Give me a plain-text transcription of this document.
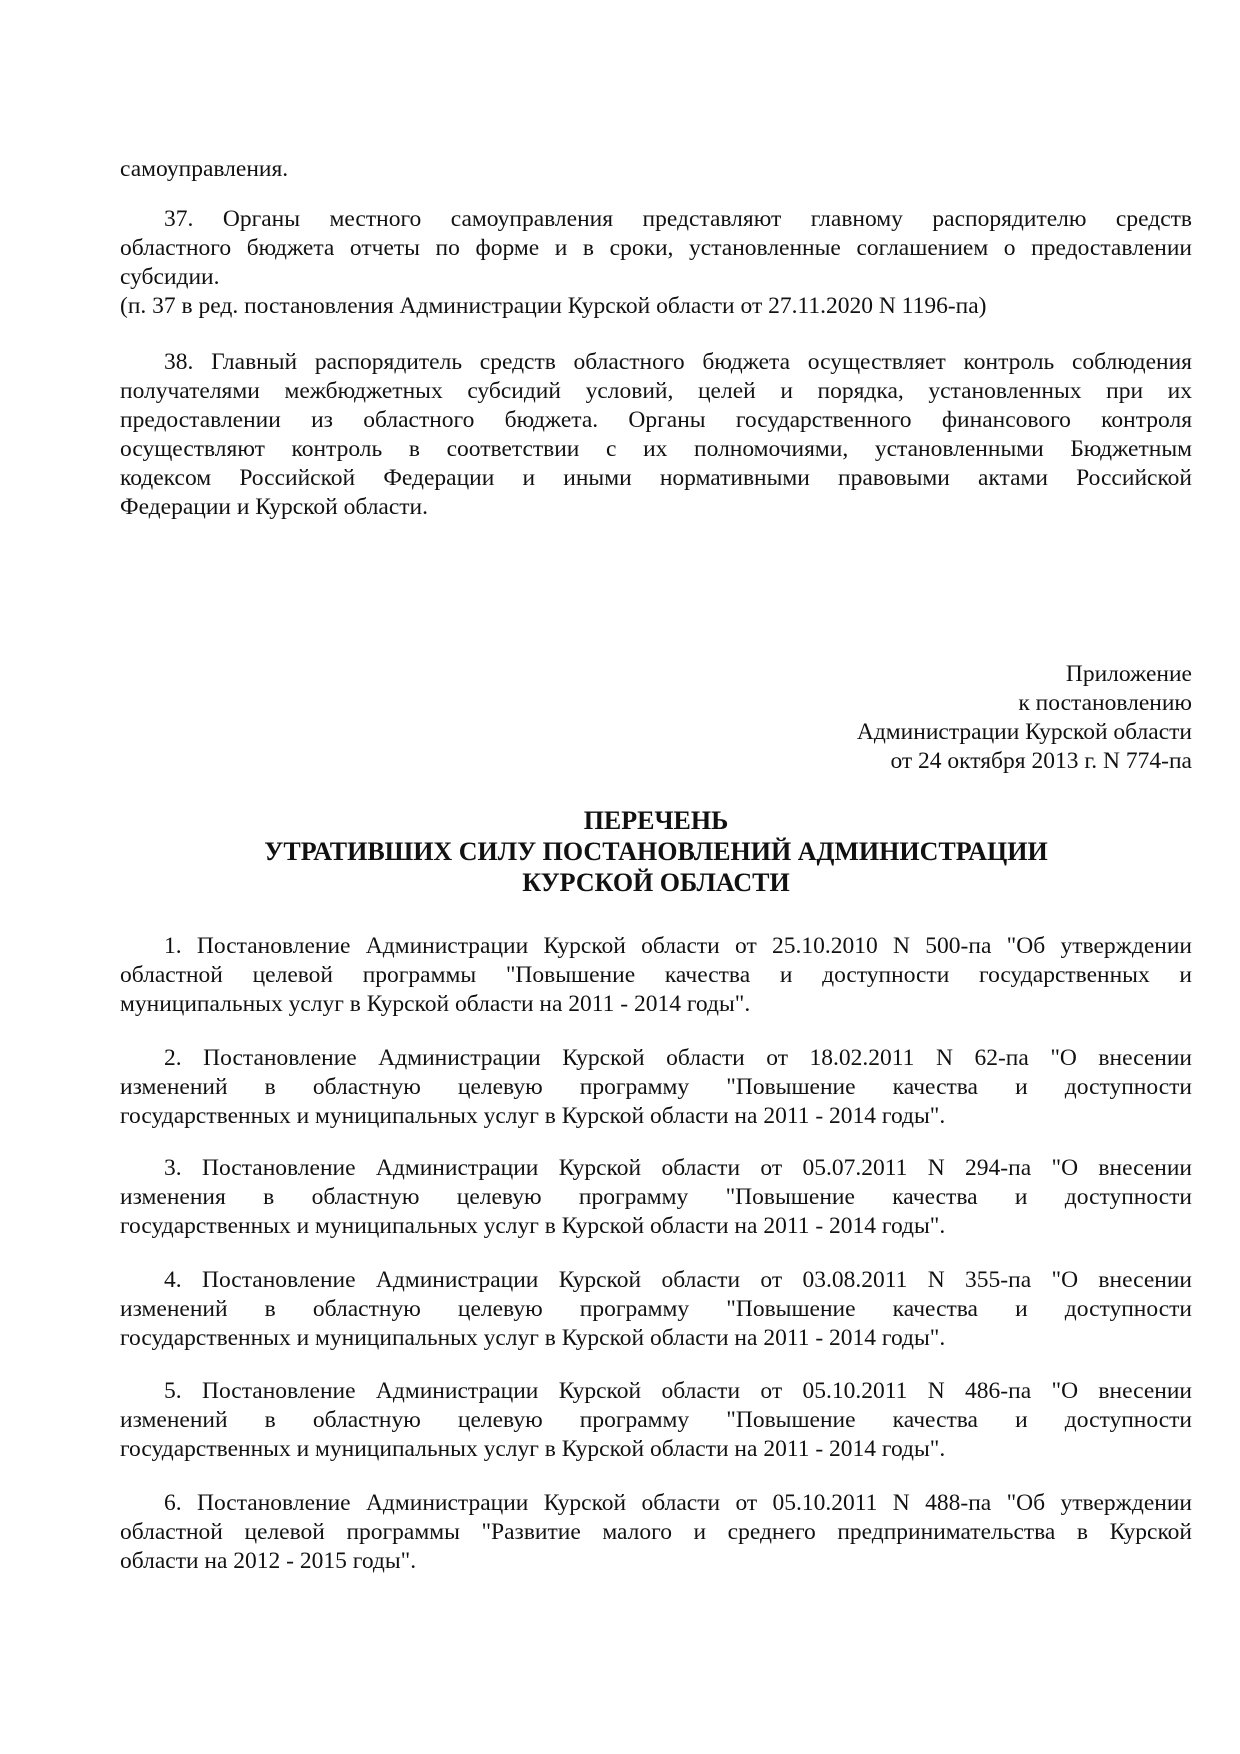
самоуправления.
37. Органы местного самоуправления представляют главному распорядителю средств
областного бюджета отчеты по форме и в сроки, установленные соглашением о предоставлении
субсидии.
(п. 37 в ред. постановления Администрации Курской области от 27.11.2020 N 1196-па)
38. Главный распорядитель средств областного бюджета осуществляет контроль соблюдения
получателями межбюджетных субсидий условий, целей и порядка, установленных при их
предоставлении из областного бюджета. Органы государственного финансового контроля
осуществляют контроль в соответствии с их полномочиями, установленными Бюджетным
кодексом Российской Федерации и иными нормативными правовыми актами Российской
Федерации и Курской области.
Приложение
к постановлению
Администрации Курской области
от 24 октября 2013 г. N 774-па
ПЕРЕЧЕНЬ
УТРАТИВШИХ СИЛУ ПОСТАНОВЛЕНИЙ АДМИНИСТРАЦИИ
КУРСКОЙ ОБЛАСТИ
1. Постановление Администрации Курской области от 25.10.2010 N 500-па "Об утверждении
областной целевой программы "Повышение качества и доступности государственных и
муниципальных услуг в Курской области на 2011 - 2014 годы".
2. Постановление Администрации Курской области от 18.02.2011 N 62-па "О внесении
изменений в областную целевую программу "Повышение качества и доступности
государственных и муниципальных услуг в Курской области на 2011 - 2014 годы".
3. Постановление Администрации Курской области от 05.07.2011 N 294-па "О внесении
изменения в областную целевую программу "Повышение качества и доступности
государственных и муниципальных услуг в Курской области на 2011 - 2014 годы".
4. Постановление Администрации Курской области от 03.08.2011 N 355-па "О внесении
изменений в областную целевую программу "Повышение качества и доступности
государственных и муниципальных услуг в Курской области на 2011 - 2014 годы".
5. Постановление Администрации Курской области от 05.10.2011 N 486-па "О внесении
изменений в областную целевую программу "Повышение качества и доступности
государственных и муниципальных услуг в Курской области на 2011 - 2014 годы".
6. Постановление Администрации Курской области от 05.10.2011 N 488-па "Об утверждении
областной целевой программы "Развитие малого и среднего предпринимательства в Курской
области на 2012 - 2015 годы".
